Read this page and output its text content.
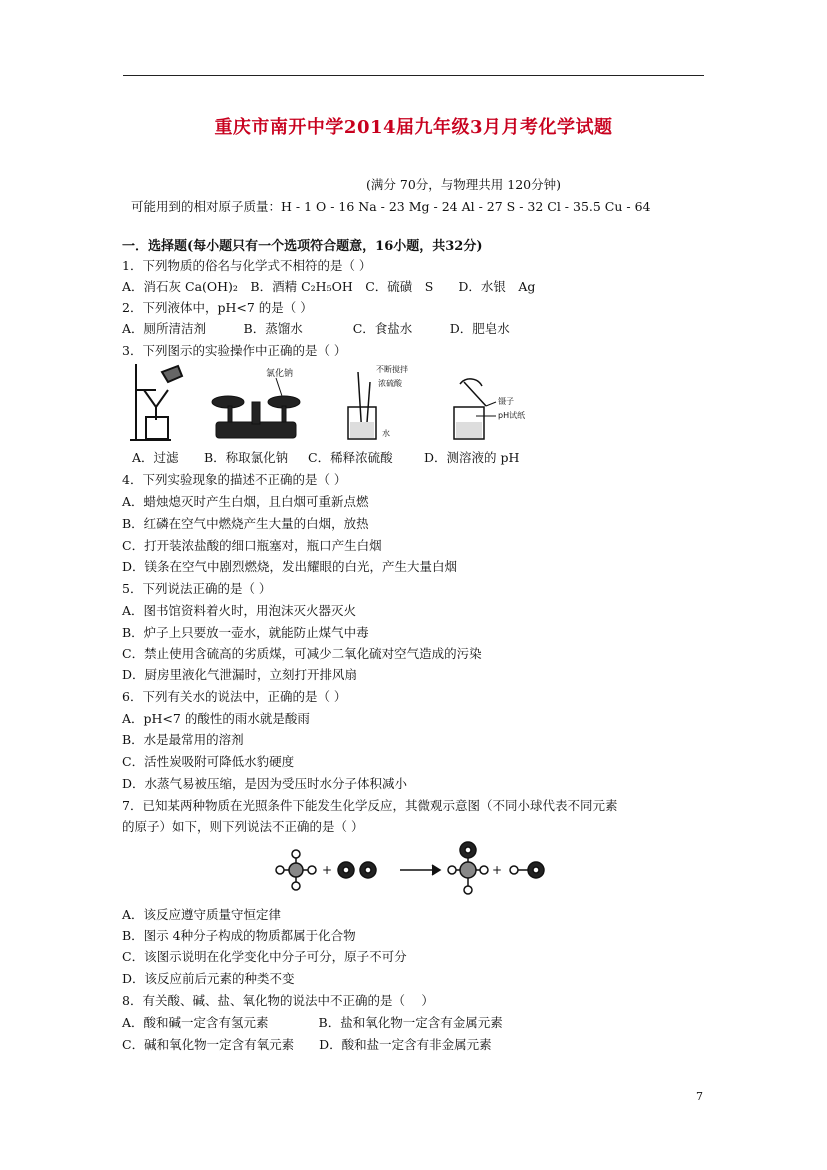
重庆市南开中学2014届九年级3月月考化学试题
(满分 70分，与物理共用 120分钟)
可能用到的相对原子质量：H - 1 O - 16 Na - 23 Mg - 24 Al - 27 S - 32 Cl - 35.5 Cu - 64
一．选择题(每小题只有一个选项符合题意，16小题，共32分)
1．下列物质的俗名与化学式不相符的是（ ）
A．消石灰 Ca(OH)₂　B．酒精 C₂H₅OH　C．硫磺　S　　D．水银　Ag
2．下列液体中，pH<7 的是（ ）
A．厕所清洁剂　　　B．蒸馏水　　　　C．食盐水　　　D．肥皂水
3．下列图示的实验操作中正确的是（ ）
氯化钠	不断搅拌
浓硫酸
水
镊子
pH试纸
A．过滤 B．称取氯化钠 C．稀释浓硫酸	D．测溶液的 pH
4．下列实验现象的描述不正确的是（ ）
A．蜡烛熄灭时产生白烟，且白烟可重新点燃
B．红磷在空气中燃烧产生大量的白烟，放热
C．打开装浓盐酸的细口瓶塞对，瓶口产生白烟
D．镁条在空气中剧烈燃烧，发出耀眼的白光，产生大量白烟
5．下列说法正确的是（ ）
A．图书馆资料着火时，用泡沫灭火器灭火
B．炉子上只要放一壶水，就能防止煤气中毒
C．禁止使用含硫高的劣质煤，可减少二氧化硫对空气造成的污染
D．厨房里液化气泄漏时，立刻打开排风扇
6．下列有关水的说法中，正确的是（ ）
A．pH<7 的酸性的雨水就是酸雨
B．水是最常用的溶剂
C．活性炭吸附可降低水豹硬度
D．水蒸气易被压缩，是因为受压时水分子体积减小
7．已知某两种物质在光照条件下能发生化学反应，其微观示意图（不同小球代表不同元素
的原子）如下，则下列说法不正确的是（ ）
+	+
A．该反应遵守质量守恒定律
B．图示 4种分子构成的物质都属于化合物
C．该图示说明在化学变化中分子可分，原子不可分
D．该反应前后元素的种类不变
8．有关酸、碱、盐、氧化物的说法中不正确的是（　 ）
A．酸和碱一定含有氢元素　　　　B．盐和氧化物一定含有金属元素
C．碱和氧化物一定含有氧元素　　D．酸和盐一定含有非金属元素
7
